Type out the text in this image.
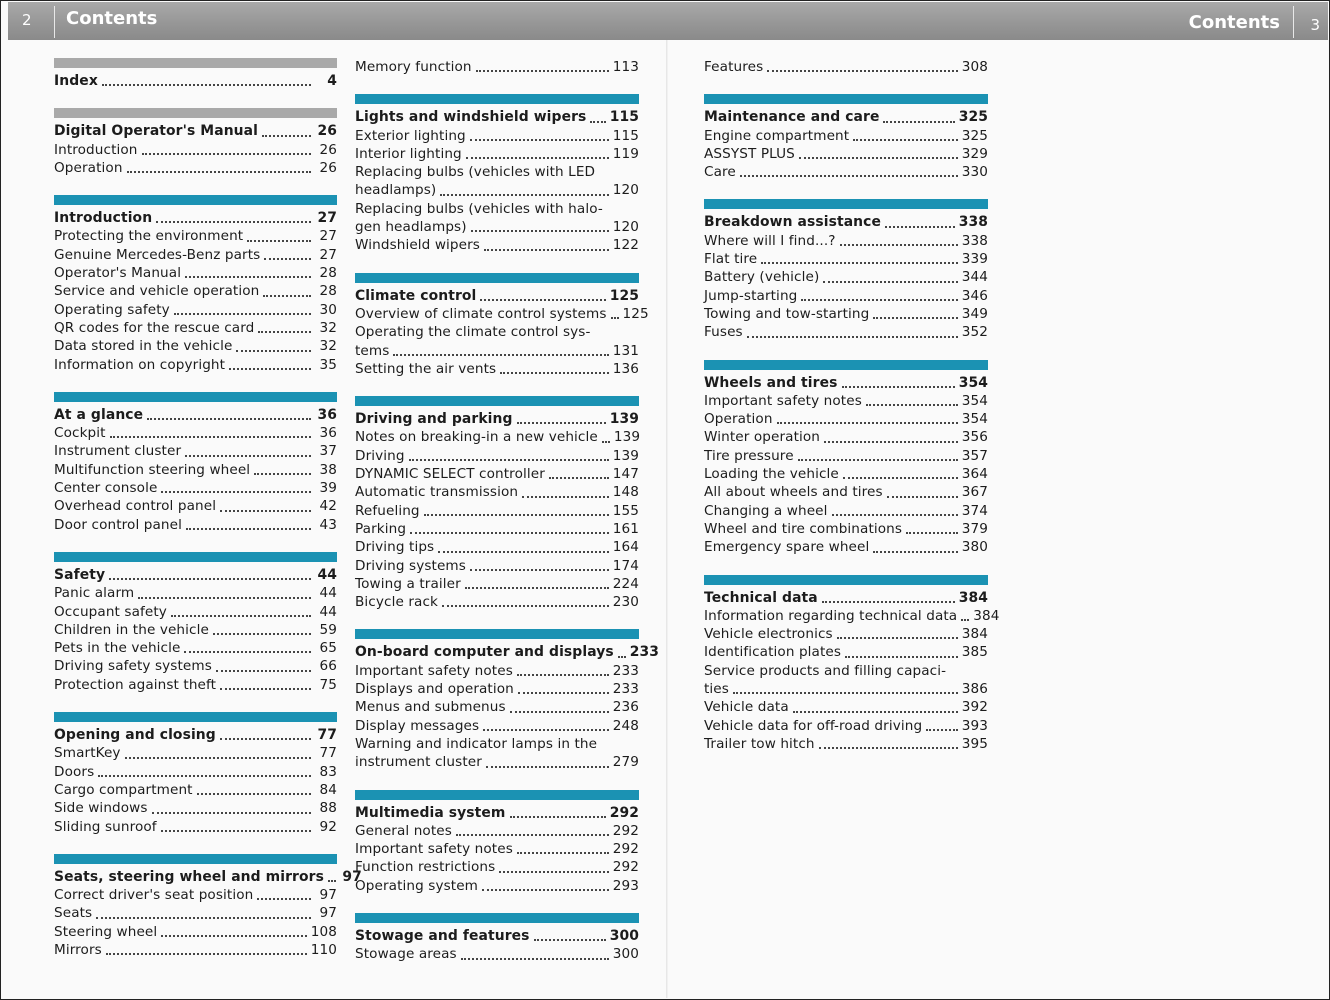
2 Contents	Contents 3
Index	4
Digital Operator's Manual	26
Introduction	26
Operation	26
Introduction	27
Protecting the environment	27
Genuine Mercedes-Benz parts	27
Operator's Manual	28
Service and vehicle operation	28
Operating safety	30
QR codes for the rescue card	32
Data stored in the vehicle	32
Information on copyright	35
At a glance	36
Cockpit	36
Instrument cluster	37
Multifunction steering wheel	38
Center console	39
Overhead control panel	42
Door control panel	43
Safety	44
Panic alarm	44
Occupant safety	44
Children in the vehicle	59
Pets in the vehicle	65
Driving safety systems	66
Protection against theft	75
Opening and closing	77
SmartKey	77
Doors	83
Cargo compartment	84
Side windows	88
Sliding sunroof	92
Seats, steering wheel and mirrors 97
Correct driver's seat position	97
Seats	97
Steering wheel	108
Mirrors	110
Memory function	113
Lights and windshield wipers 115
Exterior lighting	115
Interior lighting	119
Replacing bulbs (vehicles with LED
headlamps)	120
Replacing bulbs (vehicles with halo-
gen headlamps)	120
Windshield wipers	122
Climate control	125
Overview of climate control systems 125
Operating the climate control sys-
tems	131
Setting the air vents	136
Driving and parking	139
Notes on breaking-in a new vehicle 139
Driving	139
DYNAMIC SELECT controller	147
Automatic transmission	148
Refueling	155
Parking	161
Driving tips	164
Driving systems	174
Towing a trailer	224
Bicycle rack	230
On-board computer and displays 233
Important safety notes	233
Displays and operation	233
Menus and submenus	236
Display messages	248
Warning and indicator lamps in the
instrument cluster	279
Multimedia system	292
General notes	292
Important safety notes	292
Function restrictions	292
Operating system	293
Stowage and features	300
Stowage areas	300
Features	308
Maintenance and care	325
Engine compartment	325
ASSYST PLUS	329
Care	330
Breakdown assistance	338
Where will I find...?	338
Flat tire	339
Battery (vehicle)	344
Jump-starting	346
Towing and tow-starting	349
Fuses	352
Wheels and tires	354
Important safety notes	354
Operation	354
Winter operation	356
Tire pressure	357
Loading the vehicle	364
All about wheels and tires	367
Changing a wheel	374
Wheel and tire combinations	379
Emergency spare wheel	380
Technical data	384
Information regarding technical data 384
Vehicle electronics	384
Identification plates	385
Service products and filling capaci-
ties	386
Vehicle data	392
Vehicle data for off-road driving	393
Trailer tow hitch	395
